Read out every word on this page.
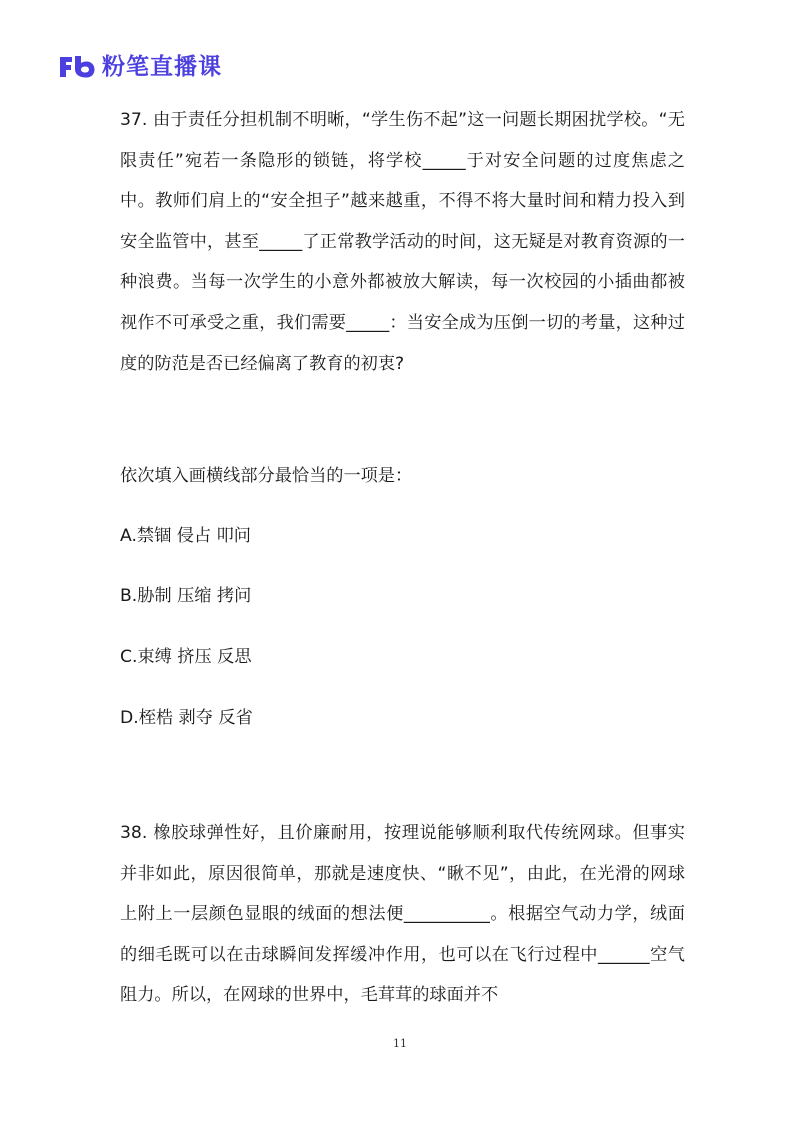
粉笔直播课

37. 由于责任分担机制不明晰，“学生伤不起”这一问题长期困扰学校。“无限责任”宛若一条隐形的锁链，将学校_____于对安全问题的过度焦虑之中。教师们肩上的“安全担子”越来越重，不得不将大量时间和精力投入到安全监管中，甚至_____了正常教学活动的时间，这无疑是对教育资源的一种浪费。当每一次学生的小意外都被放大解读，每一次校园的小插曲都被视作不可承受之重，我们需要_____：当安全成为压倒一切的考量，这种过度的防范是否已经偏离了教育的初衷?

依次填入画横线部分最恰当的一项是：
A.禁锢 侵占 叩问
B.胁制 压缩 拷问
C.束缚 挤压 反思
D.桎梏 剥夺 反省

38. 橡胶球弹性好，且价廉耐用，按理说能够顺利取代传统网球。但事实并非如此，原因很简单，那就是速度快、“瞅不见”，由此，在光滑的网球上附上一层颜色显眼的绒面的想法便__________。根据空气动力学，绒面的细毛既可以在击球瞬间发挥缓冲作用，也可以在飞行过程中______空气阻力。所以，在网球的世界中，毛茸茸的球面并不

11
